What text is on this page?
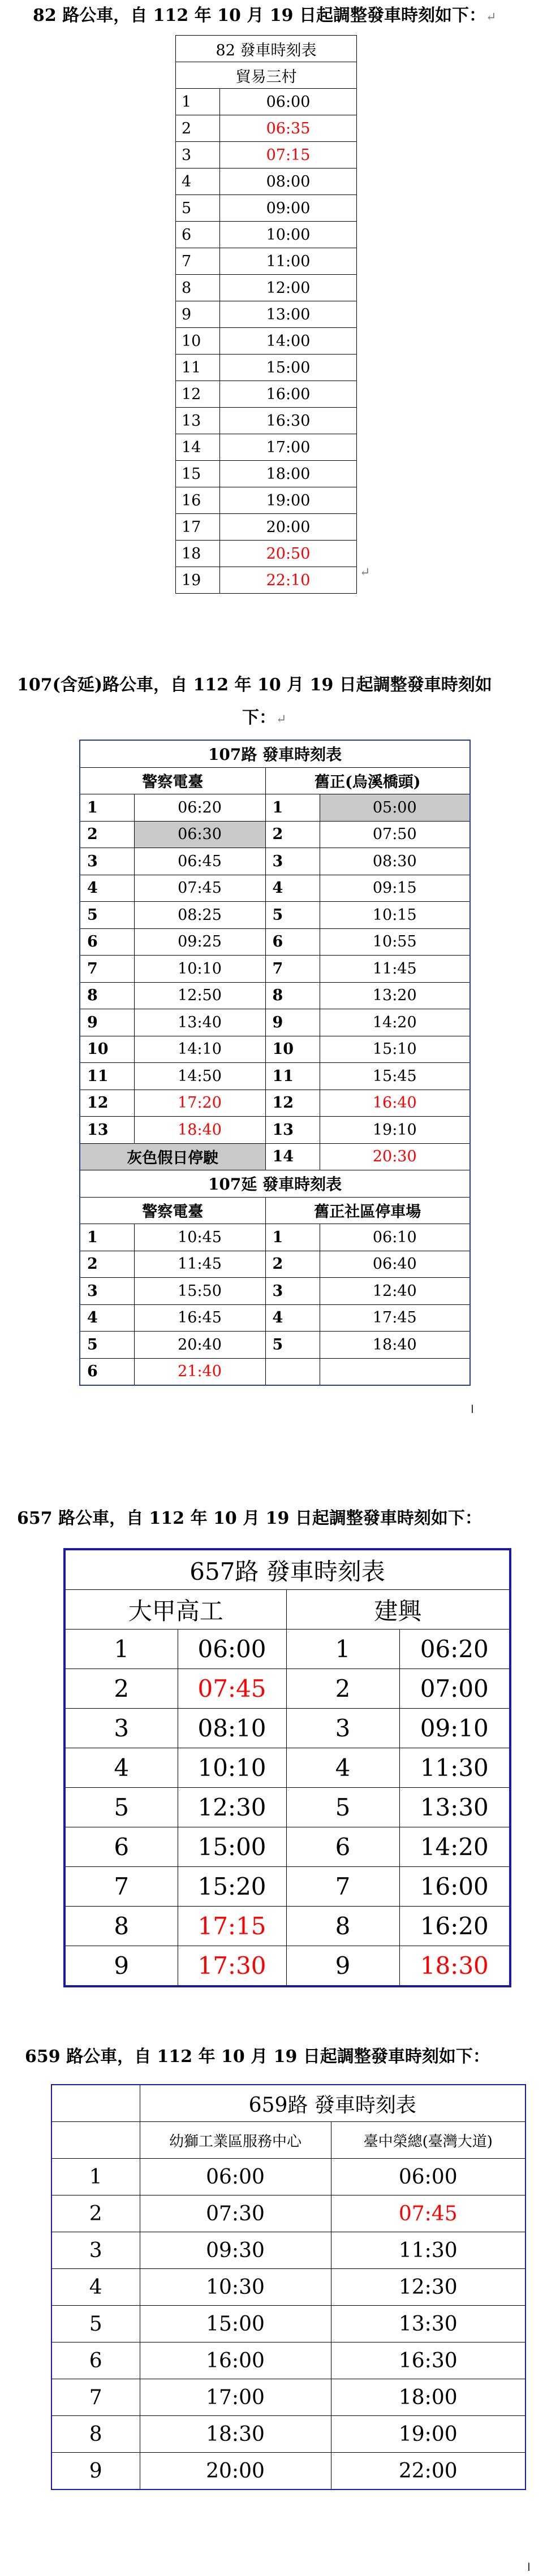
82 路公車，自 112 年 10 月 19 日起調整發車時刻如下：↵

82 發車時刻表	
貿易三村	
1	06:00
2	06:35
3	07:15
4	08:00
5	09:00
6	10:00
7	11:00
8	12:00
9	13:00
10	14:00
11	15:00
12	16:00
13	16:30
14	17:00
15	18:00
16	19:00
17	20:00
18	20:50
19	22:10	↵

107(含延)路公車，自 112 年 10 月 19 日起調整發車時刻如

下：↵

107路 發車時刻表			
警察電臺		舊正(烏溪橋頭)	
1	06:20	1	05:00
2	06:30	2	07:50
3	06:45	3	08:30
4	07:45	4	09:15
5	08:25	5	10:15
6	09:25	6	10:55
7	10:10	7	11:45
8	12:50	8	13:20
9	13:40	9	14:20
10	14:10	10	15:10
11	14:50	11	15:45
12	17:20	12	16:40
13	18:40	13	19:10
灰色假日停駛		14	20:30
107延 發車時刻表			
警察電臺		舊正社區停車場	
1	10:45	1	06:10
2	11:45	2	06:40
3	15:50	3	12:40
4	16:45	4	17:45
5	20:40	5	18:40
6	21:40		
ǀ

657 路公車，自 112 年 10 月 19 日起調整發車時刻如下：

657路 發車時刻表			
大甲高工		建興	
1	06:00	1	06:20
2	07:45	2	07:00
3	08:10	3	09:10
4	10:10	4	11:30
5	12:30	5	13:30
6	15:00	6	14:20
7	15:20	7	16:00
8	17:15	8	16:20
9	17:30	9	18:30

659 路公車，自 112 年 10 月 19 日起調整發車時刻如下：

	659路 發車時刻表	
	幼獅工業區服務中心	臺中榮總(臺灣大道)
1	06:00	06:00
2	07:30	07:45
3	09:30	11:30
4	10:30	12:30
5	15:00	13:30
6	16:00	16:30
7	17:00	18:00
8	18:30	19:00
9	20:00	22:00
ǀ
